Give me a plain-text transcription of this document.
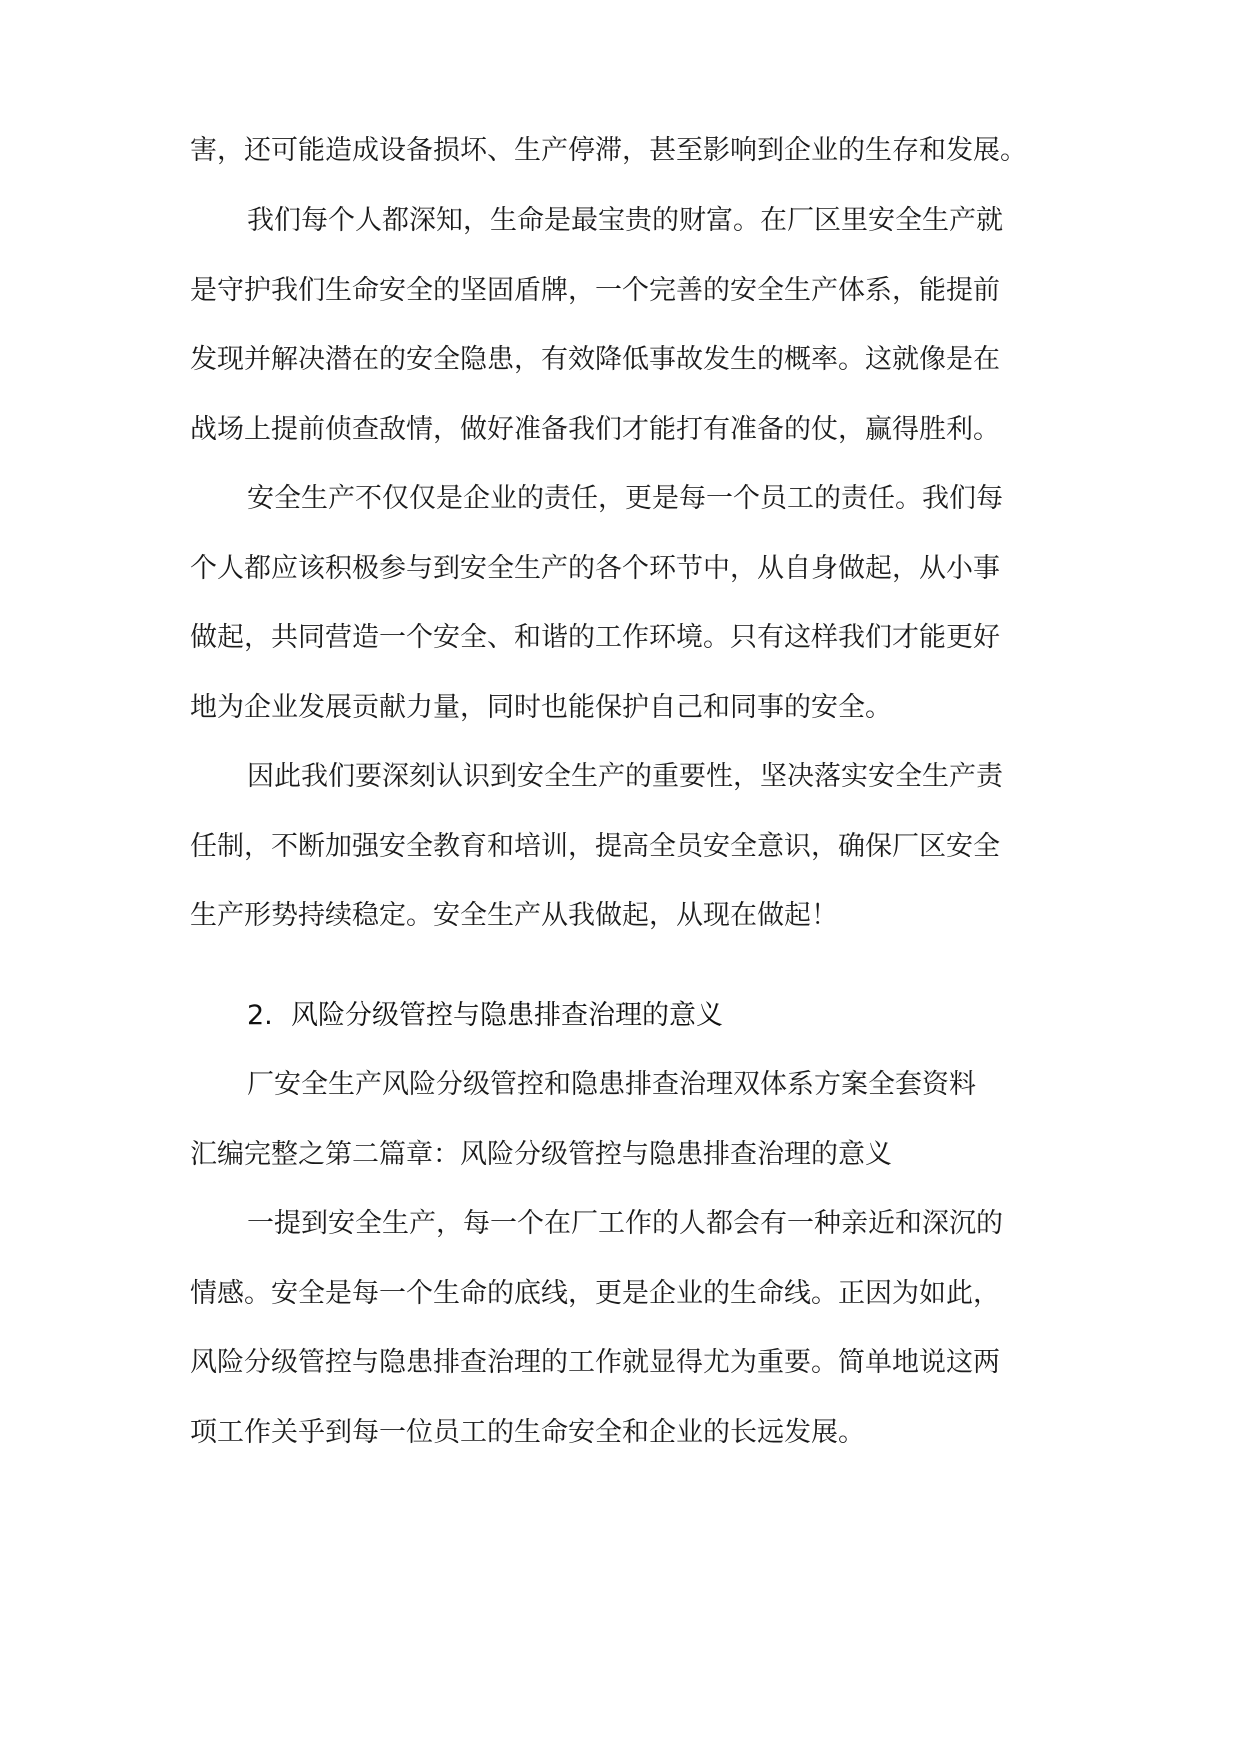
害，还可能造成设备损坏、生产停滞，甚至影响到企业的生存和发展。
我们每个人都深知，生命是最宝贵的财富。在厂区里安全生产就
是守护我们生命安全的坚固盾牌，一个完善的安全生产体系，能提前
发现并解决潜在的安全隐患，有效降低事故发生的概率。这就像是在
战场上提前侦查敌情，做好准备我们才能打有准备的仗，赢得胜利。
安全生产不仅仅是企业的责任，更是每一个员工的责任。我们每
个人都应该积极参与到安全生产的各个环节中，从自身做起，从小事
做起，共同营造一个安全、和谐的工作环境。只有这样我们才能更好
地为企业发展贡献力量，同时也能保护自己和同事的安全。
因此我们要深刻认识到安全生产的重要性，坚决落实安全生产责
任制，不断加强安全教育和培训，提高全员安全意识，确保厂区安全
生产形势持续稳定。安全生产从我做起，从现在做起！
2. 风险分级管控与隐患排查治理的意义
厂安全生产风险分级管控和隐患排查治理双体系方案全套资料
汇编完整之第二篇章：风险分级管控与隐患排查治理的意义
一提到安全生产，每一个在厂工作的人都会有一种亲近和深沉的
情感。安全是每一个生命的底线，更是企业的生命线。正因为如此，
风险分级管控与隐患排查治理的工作就显得尤为重要。简单地说这两
项工作关乎到每一位员工的生命安全和企业的长远发展。
